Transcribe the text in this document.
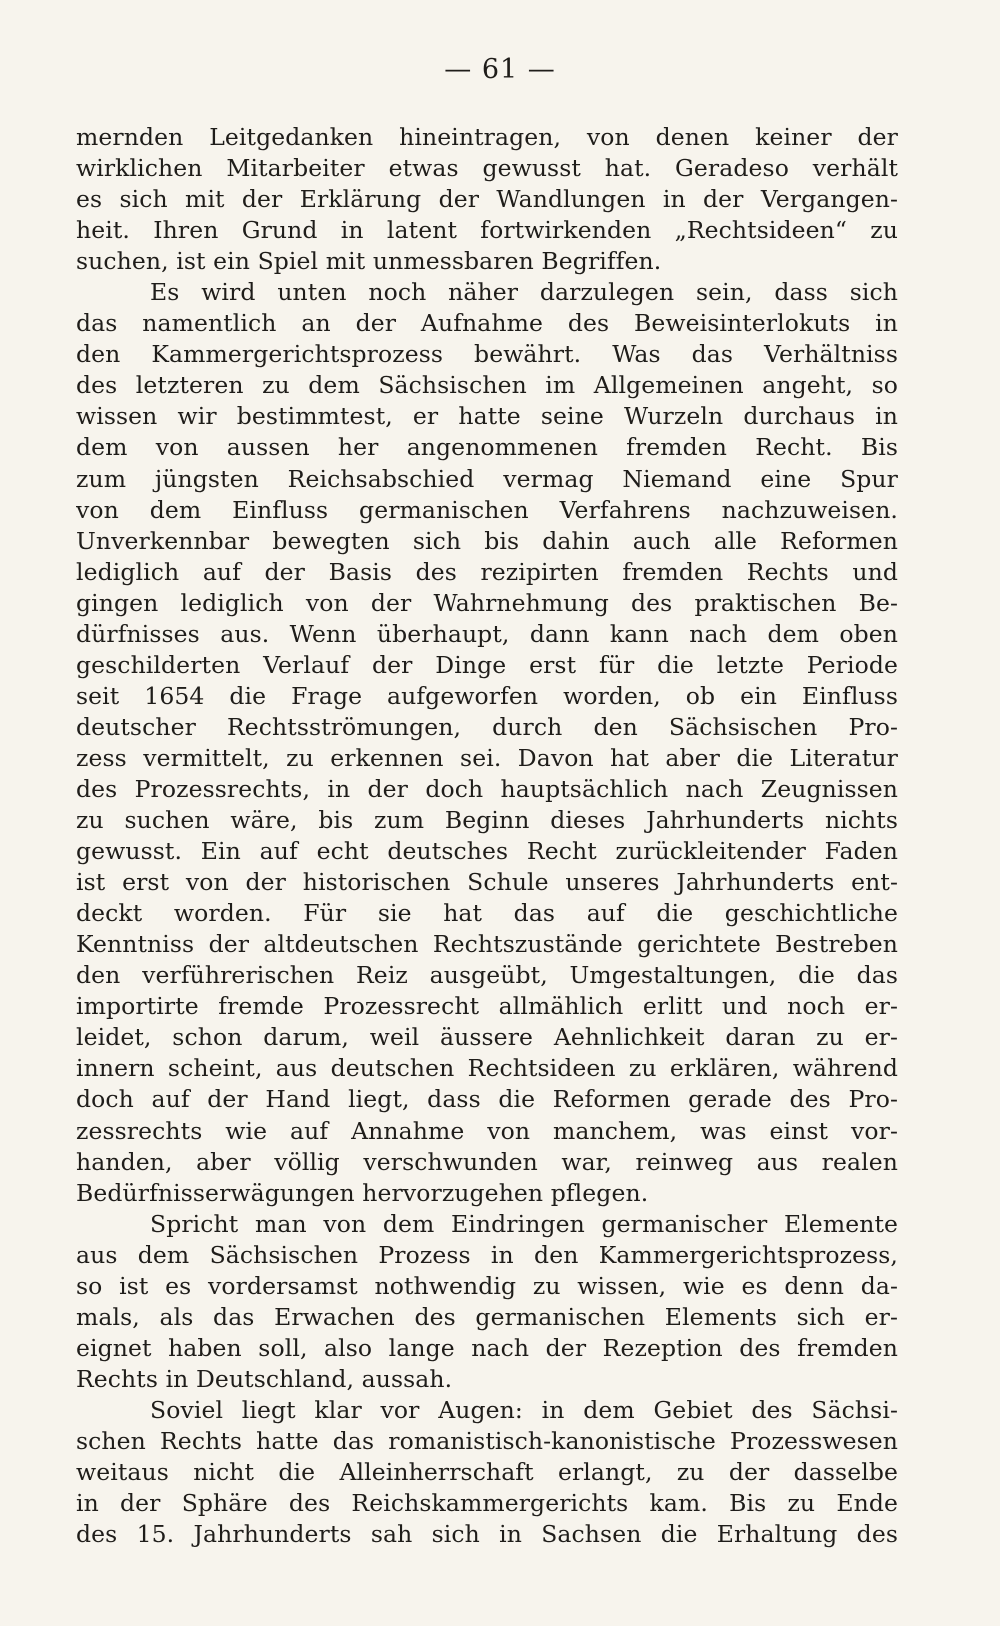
— 61 —
mernden Leitgedanken hineintragen, von denen keiner der
wirklichen Mitarbeiter etwas gewusst hat. Geradeso verhält
es sich mit der Erklärung der Wandlungen in der Vergangen-
heit. Ihren Grund in latent fortwirkenden „Rechtsideen“ zu
suchen, ist ein Spiel mit unmessbaren Begriffen.
Es wird unten noch näher darzulegen sein, dass sich
das namentlich an der Aufnahme des Beweisinterlokuts in
den Kammergerichtsprozess bewährt. Was das Verhältniss
des letzteren zu dem Sächsischen im Allgemeinen angeht, so
wissen wir bestimmtest, er hatte seine Wurzeln durchaus in
dem von aussen her angenommenen fremden Recht. Bis
zum jüngsten Reichsabschied vermag Niemand eine Spur
von dem Einfluss germanischen Verfahrens nachzuweisen.
Unverkennbar bewegten sich bis dahin auch alle Reformen
lediglich auf der Basis des rezipirten fremden Rechts und
gingen lediglich von der Wahrnehmung des praktischen Be-
dürfnisses aus. Wenn überhaupt, dann kann nach dem oben
geschilderten Verlauf der Dinge erst für die letzte Periode
seit 1654 die Frage aufgeworfen worden, ob ein Einfluss
deutscher Rechtsströmungen, durch den Sächsischen Pro-
zess vermittelt, zu erkennen sei. Davon hat aber die Literatur
des Prozessrechts, in der doch hauptsächlich nach Zeugnissen
zu suchen wäre, bis zum Beginn dieses Jahrhunderts nichts
gewusst. Ein auf echt deutsches Recht zurückleitender Faden
ist erst von der historischen Schule unseres Jahrhunderts ent-
deckt worden. Für sie hat das auf die geschichtliche
Kenntniss der altdeutschen Rechtszustände gerichtete Bestreben
den verführerischen Reiz ausgeübt, Umgestaltungen, die das
importirte fremde Prozessrecht allmählich erlitt und noch er-
leidet, schon darum, weil äussere Aehnlichkeit daran zu er-
innern scheint, aus deutschen Rechtsideen zu erklären, während
doch auf der Hand liegt, dass die Reformen gerade des Pro-
zessrechts wie auf Annahme von manchem, was einst vor-
handen, aber völlig verschwunden war, reinweg aus realen
Bedürfnisserwägungen hervorzugehen pflegen.
Spricht man von dem Eindringen germanischer Elemente
aus dem Sächsischen Prozess in den Kammergerichtsprozess,
so ist es vordersamst nothwendig zu wissen, wie es denn da-
mals, als das Erwachen des germanischen Elements sich er-
eignet haben soll, also lange nach der Rezeption des fremden
Rechts in Deutschland, aussah.
Soviel liegt klar vor Augen: in dem Gebiet des Sächsi-
schen Rechts hatte das romanistisch-kanonistische Prozesswesen
weitaus nicht die Alleinherrschaft erlangt, zu der dasselbe
in der Sphäre des Reichskammergerichts kam. Bis zu Ende
des 15. Jahrhunderts sah sich in Sachsen die Erhaltung des
